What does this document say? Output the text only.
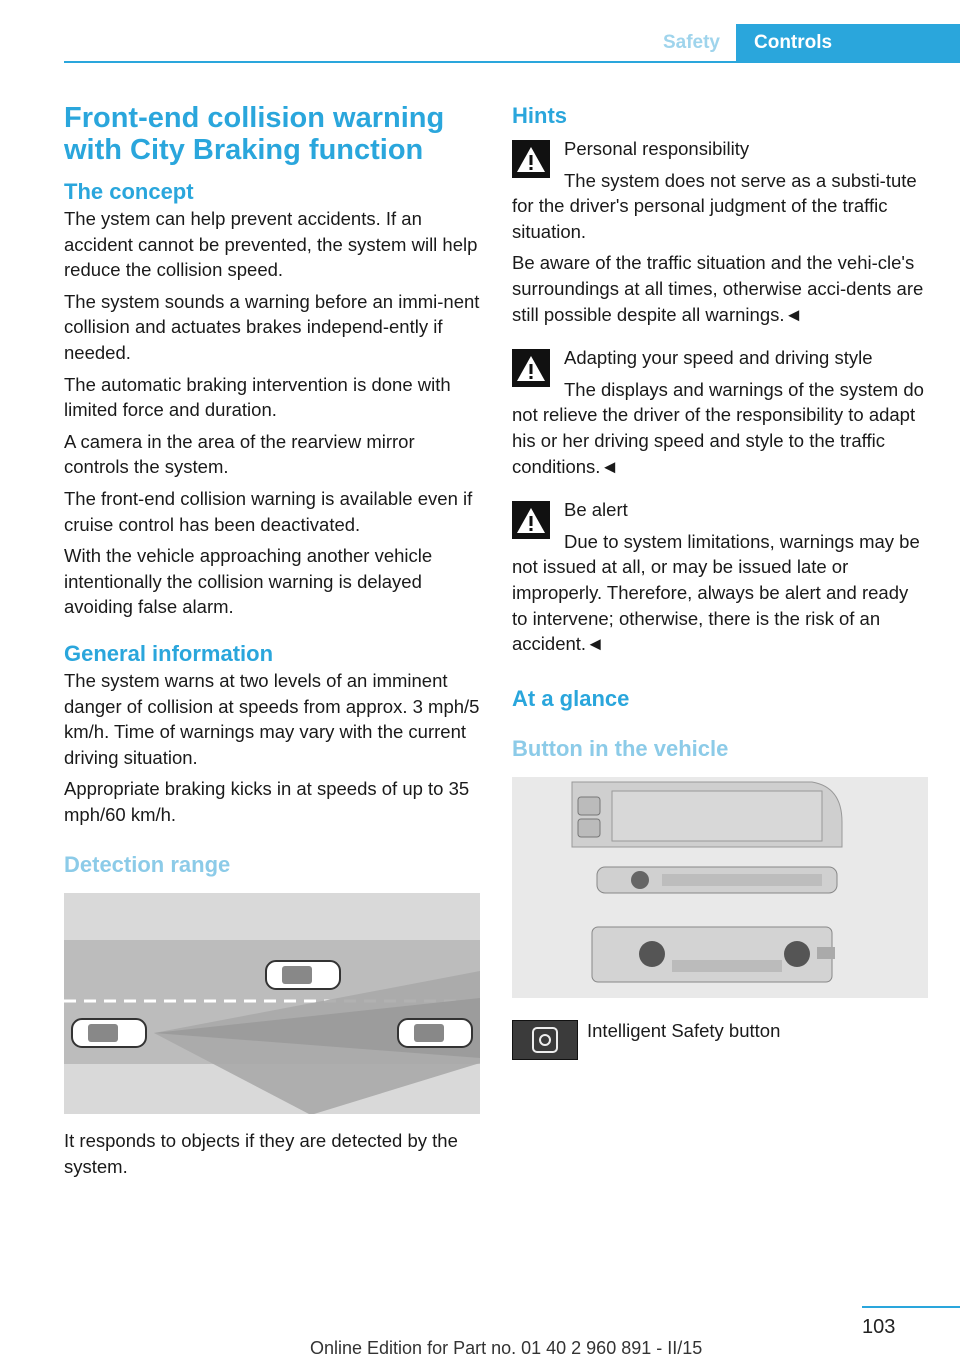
Safety	Controls
Front-end collision warning with City Braking function
The concept

The ystem can help prevent accidents. If an accident cannot be prevented, the system will help reduce the collision speed.

The system sounds a warning before an immi-nent collision and actuates brakes independ-ently if needed.

The automatic braking intervention is done with limited force and duration.

A camera in the area of the rearview mirror controls the system.

The front-end collision warning is available even if cruise control has been deactivated.

With the vehicle approaching another vehicle intentionally the collision warning is delayed avoiding false alarm.

General information

The system warns at two levels of an imminent danger of collision at speeds from approx. 3 mph/5 km/h. Time of warnings may vary with the current driving situation.

Appropriate braking kicks in at speeds of up to 35 mph/60 km/h.

Detection range

It responds to objects if they are detected by the system.

Hints

Personal responsibility

The system does not serve as a substi-tute for the driver's personal judgment of the traffic situation.

Be aware of the traffic situation and the vehi-cle's surroundings at all times, otherwise acci-dents are still possible despite all warnings.◄

Adapting your speed and driving style

The displays and warnings of the system do not relieve the driver of the responsibility to adapt his or her driving speed and style to the traffic conditions.◄

Be alert

Due to system limitations, warnings may be not issued at all, or may be issued late or improperly. Therefore, always be alert and ready to intervene; otherwise, there is the risk of an accident.◄

At a glance
Button in the vehicle

Intelligent Safety button

103
Online Edition for Part no. 01 40 2 960 891 - II/15
